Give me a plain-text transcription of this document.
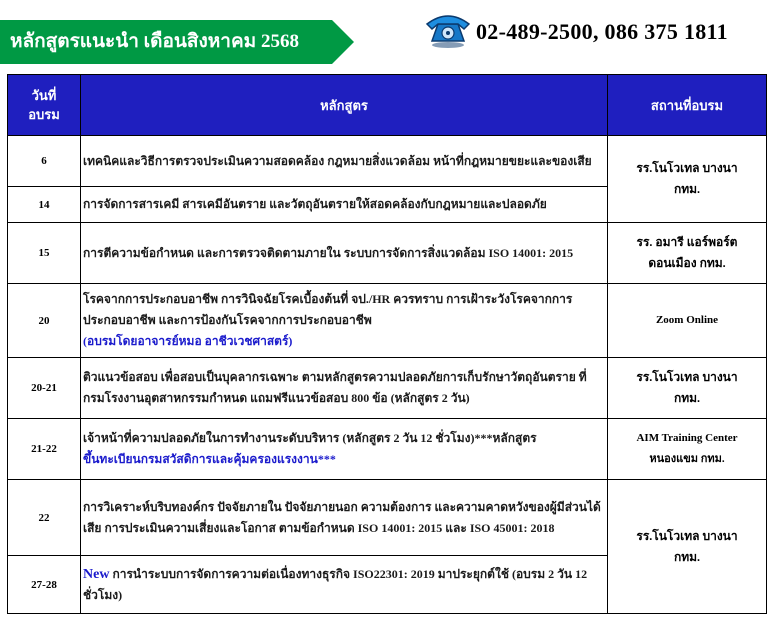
หลักสูตรแนะนำ เดือนสิงหาคม 2568	02-489-2500, 086 375 1811
วันที่อบรม	หลักสูตร	สถานที่อบรม
6	เทคนิคและวิธีการตรวจประเมินความสอดคล้อง กฎหมายสิ่งแวดล้อม หน้าที่กฎหมายขยะและของเสีย	รร.โนโวเทล บางนา กทม.

14	การจัดการสารเคมี สารเคมีอันตราย และวัตถุอันตรายให้สอดคล้องกับกฎหมายและปลอดภัย	
15	การตีความข้อกำหนด และการตรวจติดตามภายใน ระบบการจัดการสิ่งแวดล้อม ISO 14001: 2015	รร. อมารี แอร์พอร์ต ดอนเมือง กทม.

20	โรคจากการประกอบอาชีพ การวินิจฉัยโรคเบื้องต้นที่ จป./HR ควรทราบ การเฝ้าระวังโรคจากการประกอบอาชีพ และการป้องกันโรคจากการประกอบอาชีพ
(อบรมโดยอาจารย์หมอ อาชีวเวชศาสตร์)	Zoom Online
20-21	ติวแนวข้อสอบ เพื่อสอบเป็นบุคลากรเฉพาะ ตามหลักสูตรความปลอดภัยการเก็บรักษาวัตถุอันตราย ที่กรมโรงงานอุตสาหกรรมกำหนด แถมฟรีแนวข้อสอบ 800 ข้อ (หลักสูตร 2 วัน)	รร.โนโวเทล บางนา กทม.

21-22	เจ้าหน้าที่ความปลอดภัยในการทำงานระดับบริหาร (หลักสูตร 2 วัน 12 ชั่วโมง)***หลักสูตร
ขึ้นทะเบียนกรมสวัสดิการและคุ้มครองแรงงาน***	AIM Training Center หนองแขม กทม.

22	การวิเคราะห์บริบทองค์กร ปัจจัยภายใน ปัจจัยภายนอก ความต้องการ และความคาดหวังของผู้มีส่วนได้เสีย การประเมินความเสี่ยงและโอกาส ตามข้อกำหนด ISO 14001: 2015 และ ISO 45001: 2018	รร.โนโวเทล บางนา กทม.

27-28	New การนำระบบการจัดการความต่อเนื่องทางธุรกิจ ISO22301: 2019 มาประยุกต์ใช้ (อบรม 2 วัน 12 ชั่วโมง)	
